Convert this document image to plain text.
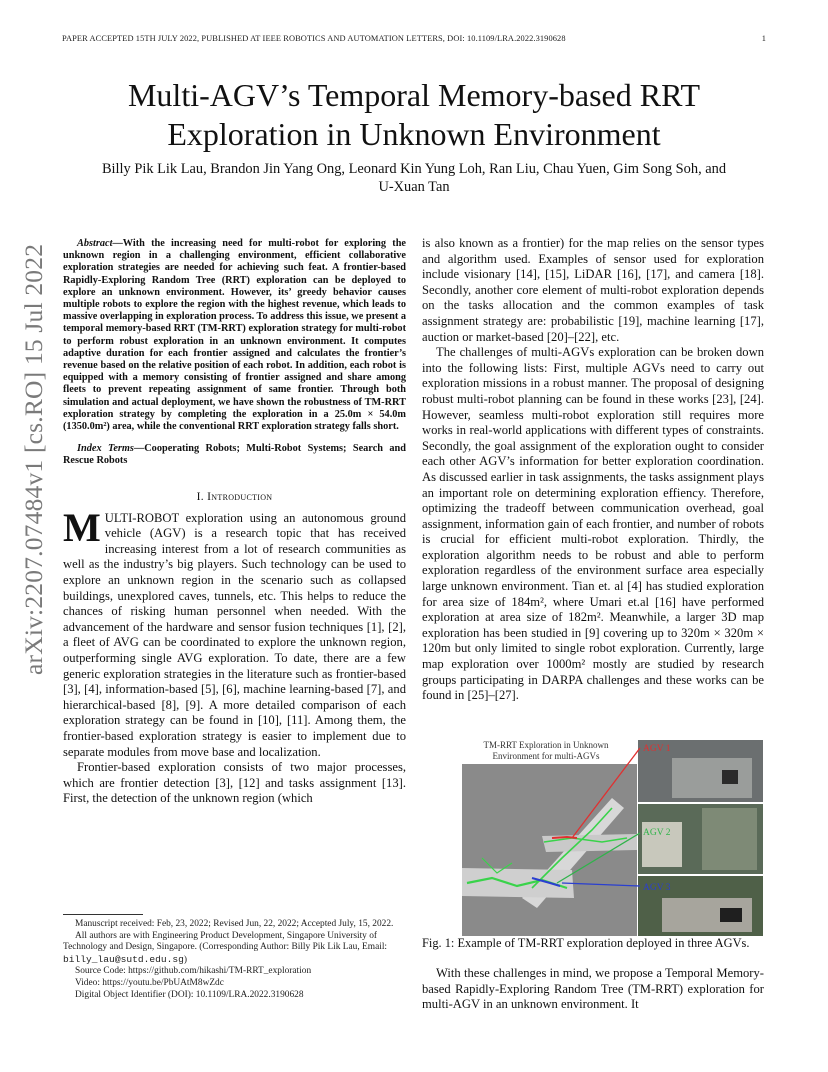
PAPER ACCEPTED 15TH JULY 2022, PUBLISHED AT IEEE ROBOTICS AND AUTOMATION LETTERS, DOI: 10.1109/LRA.2022.3190628	1
arXiv:2207.07484v1 [cs.RO] 15 Jul 2022
Multi-AGV’s Temporal Memory-based RRT
Exploration in Unknown Environment
Billy Pik Lik Lau, Brandon Jin Yang Ong, Leonard Kin Yung Loh, Ran Liu, Chau Yuen, Gim Song Soh, and
U-Xuan Tan

Abstract—With the increasing need for multi-robot for exploring the unknown region in a challenging environment, efficient collaborative exploration strategies are needed for achieving such feat. A frontier-based Rapidly-Exploring Random Tree (RRT) exploration can be deployed to explore an unknown environment. However, its’ greedy behavior causes multiple robots to explore the region with the highest revenue, which leads to massive overlapping in exploration process. To address this issue, we present a temporal memory-based RRT (TM-RRT) exploration strategy for multi-robot to perform robust exploration in an unknown environment. It computes adaptive duration for each frontier assigned and calculates the frontier’s revenue based on the relative position of each robot. In addition, each robot is equipped with a memory consisting of frontier assigned and share among fleets to prevent repeating assignment of same frontier. Through both simulation and actual deployment, we have shown the robustness of TM-RRT exploration strategy by completing the exploration in a 25.0m × 54.0m (1350.0m²) area, while the conventional RRT exploration strategy falls short.

Index Terms—Cooperating Robots; Multi-Robot Systems; Search and Rescue Robots

I. Introduction

MULTI-ROBOT exploration using an autonomous ground vehicle (AGV) is a research topic that has received increasing interest from a lot of research communities as well as the industry’s big players. Such technology can be used to explore an unknown region in the scenario such as collapsed buildings, unexplored caves, tunnels, etc. This helps to reduce the chances of risking human personnel when needed. With the advancement of the hardware and sensor fusion techniques [1], [2], a fleet of AVG can be coordinated to explore the unknown region, outperforming single AVG exploration. To date, there are a few generic exploration strategies in the literature such as frontier-based [3], [4], information-based [5], [6], machine learning-based [7], and hierarchical-based [8], [9]. A more detailed comparison of each exploration strategy can be found in [10], [11]. Among them, the frontier-based exploration strategy is easier to implement due to separate modules from move base and localization.

Frontier-based exploration consists of two major processes, which are frontier detection [3], [12] and tasks assignment [13]. First, the detection of the unknown region (which

Manuscript received: Feb, 23, 2022; Revised Jun, 22, 2022; Accepted July, 15, 2022.

All authors are with Engineering Product Development, Singapore University of Technology and Design, Singapore. (Corresponding Author: Billy Pik Lik Lau, Email: billy_lau@sutd.edu.sg)

Source Code: https://github.com/hikashi/TM-RRT_exploration

Video: https://youtu.be/PbUAtM8wZdc

Digital Object Identifier (DOI): 10.1109/LRA.2022.3190628

is also known as a frontier) for the map relies on the sensor types and algorithm used. Examples of sensor used for exploration include visionary [14], [15], LiDAR [16], [17], and camera [18]. Secondly, another core element of multi-robot exploration depends on the tasks allocation and the common examples of task assignment strategy are: probabilistic [19], machine learning [17], auction or market-based [20]–[22], etc.

The challenges of multi-AGVs exploration can be broken down into the following lists: First, multiple AGVs need to carry out exploration missions in a robust manner. The proposal of designing robust multi-robot planning can be found in these works [23], [24]. However, seamless multi-robot exploration still requires more works in real-world applications with different types of constraints. Secondly, the goal assignment of the exploration ought to consider each other AGV’s information for better exploration coordination. As discussed earlier in task assignments, the tasks assignment plays an important role on determining exploration effiency. Therefore, optimizing the tradeoff between communication overhead, goal assignment, information gain of each frontier, and number of robots is crucial for efficient multi-robot exploration. Thirdly, the exploration algorithm needs to be robust and able to perform exploration regardless of the environment surface area especially large unknown environment. Tian et. al [4] has studied exploration for area size of 184m², where Umari et.al [16] have performed exploration at area size of 182m². Meanwhile, a larger 3D map exploration has been studied in [9] covering up to 320m × 320m × 120m but only limited to single robot exploration. Currently, large map exploration over 1000m² mostly are studied by research groups participating in DARPA challenges and these works can be found in [25]–[27].

TM-RRT Exploration in Unknown
Environment for multi-AGVs
AGV 1
AGV 2
AGV 3
Fig. 1: Example of TM-RRT exploration deployed in three AGVs.

With these challenges in mind, we propose a Temporal Memory-based Rapidly-Exploring Random Tree (TM-RRT) exploration for multi-AGV in an unknown environment. It
